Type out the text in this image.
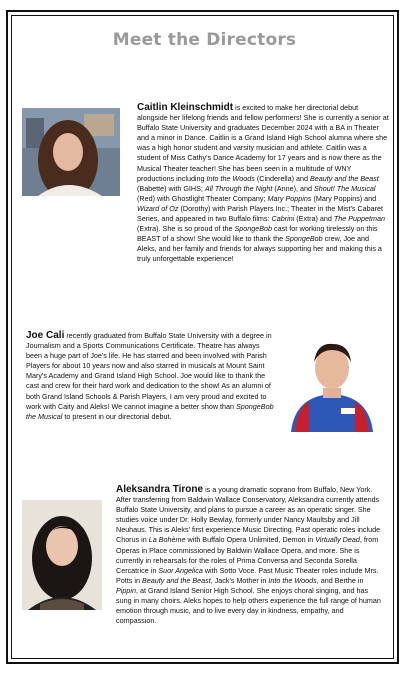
Meet the Directors

Caitlin Kleinschmidt is excited to make her directorial debut alongside her lifelong friends and fellow performers! She is currently a senior at Buffalo State University and graduates December 2024 with a BA in Theater and a minor in Dance. Caitlin is a Grand Island High School alumna where she was a high honor student and varsity musician and athlete. Caitlin was a student of Miss Cathy's Dance Academy for 17 years and is now there as the Musical Theater teacher! She has been seen in a multitude of WNY productions including Into the Woods (Cinderella) and Beauty and the Beast (Babette) with GIHS; All Through the Night (Anne), and Shout! The Musical (Red) with Ghostlight Theater Company; Mary Poppins (Mary Poppins) and Wizard of Oz (Dorothy) with Parish Players Inc.; Theater in the Mist's Cabaret Series, and appeared in two Buffalo films: Cabrini (Extra) and The Puppetman (Extra). She is so proud of the SpongeBob cast for working tirelessly on this BEAST of a show! She would like to thank the SpongeBob crew, Joe and Aleks, and her family and friends for always supporting her and making this a truly unforgettable experience!

Joe Cali recently graduated from Buffalo State University with a degree in Journalism and a Sports Communications Certificate. Theatre has always been a huge part of Joe's life. He has starred and been involved with Parish Players for about 10 years now and also starred in musicals at Mount Saint Mary's Academy and Grand Island High School. Joe would like to thank the cast and crew for their hard work and dedication to the show! As an alumni of both Grand Island Schools & Parish Players, I am very proud and excited to work with Caity and Aleks! We cannot imagine a better show than SpongeBob the Musical to present in our directorial debut.

Aleksandra Tirone is a young dramatic soprano from Buffalo, New York. After transferring from Baldwin Wallace Conservatory, Aleksandra currently attends Buffalo State University, and plans to pursue a career as an operatic singer. She studies voice under Dr. Holly Bewlay, formerly under Nancy Maultsby and Jill Neuhaus. This is Aleks' first experience Music Directing. Past operatic roles include Chorus in La Bohème with Buffalo Opera Unlimited, Demon in Virtually Dead, from Operas in Place commissioned by Baldwin Wallace Opera, and more. She is currently in rehearsals for the roles of Prima Conversa and Seconda Sorella Cercatrice in Suor Angelica with Sotto Voce. Past Music Theater roles include Mrs. Potts in Beauty and the Beast, Jack's Mother in Into the Woods, and Berthe in Pippin, at Grand Island Senior High School. She enjoys choral singing, and has sung in many choirs. Aleks hopes to help others experience the full range of human emotion through music, and to live every day in kindness, empathy, and compassion.
